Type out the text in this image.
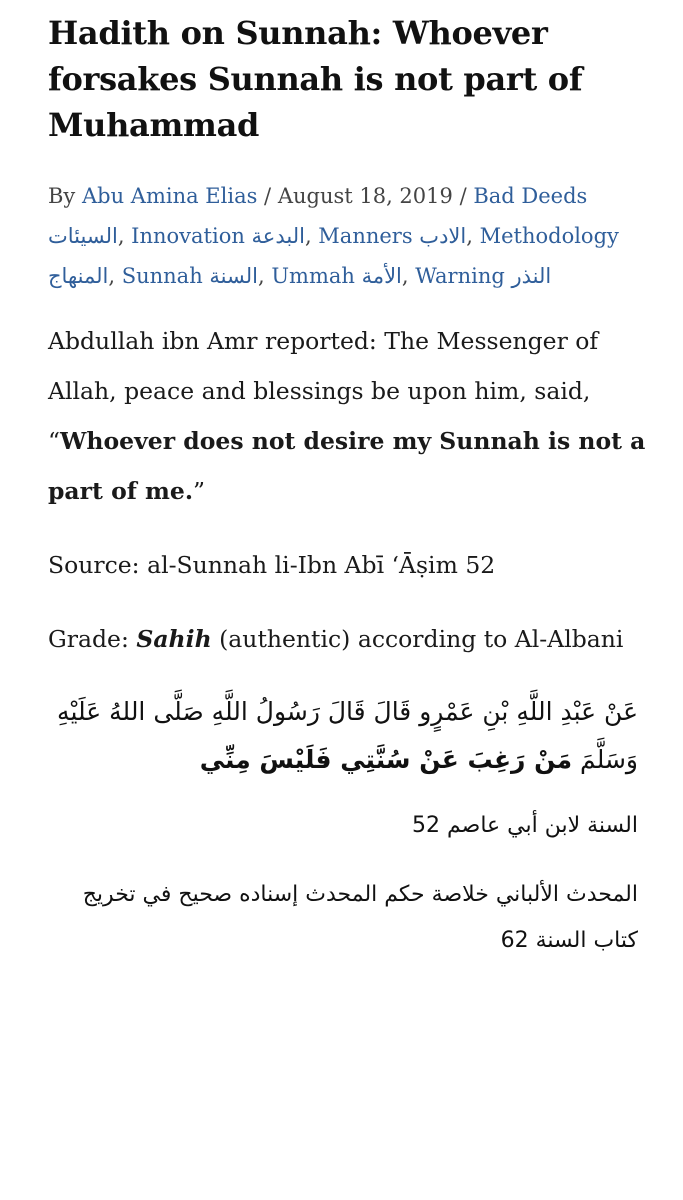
Hadith on Sunnah: Whoever forsakes Sunnah is not part of Muhammad
By Abu Amina Elias / August 18, 2019 / Bad Deeds السيئات, Innovation البدعة, Manners الادب, Methodology المنهاج, Sunnah السنة, Ummah الأمة, Warning النذر

Abdullah ibn Amr reported: The Messenger of Allah, peace and blessings be upon him, said, “Whoever does not desire my Sunnah is not a part of me.”

Source: al-Sunnah li-Ibn Abī ʻĀṣim 52

Grade: Sahih (authentic) according to Al-Albani

عَنْ عَبْدِ اللَّهِ بْنِ عَمْرٍو قَالَ قَالَ رَسُولُ اللَّهِ صَلَّى اللهُ عَلَيْهِ وَسَلَّمَ مَنْ رَغِبَ عَنْ سُنَّتِي فَلَيْسَ مِنِّي
السنة لابن أبي عاصم 52
المحدث الألباني خلاصة حكم المحدث إسناده صحيح في تخريج كتاب السنة 62
